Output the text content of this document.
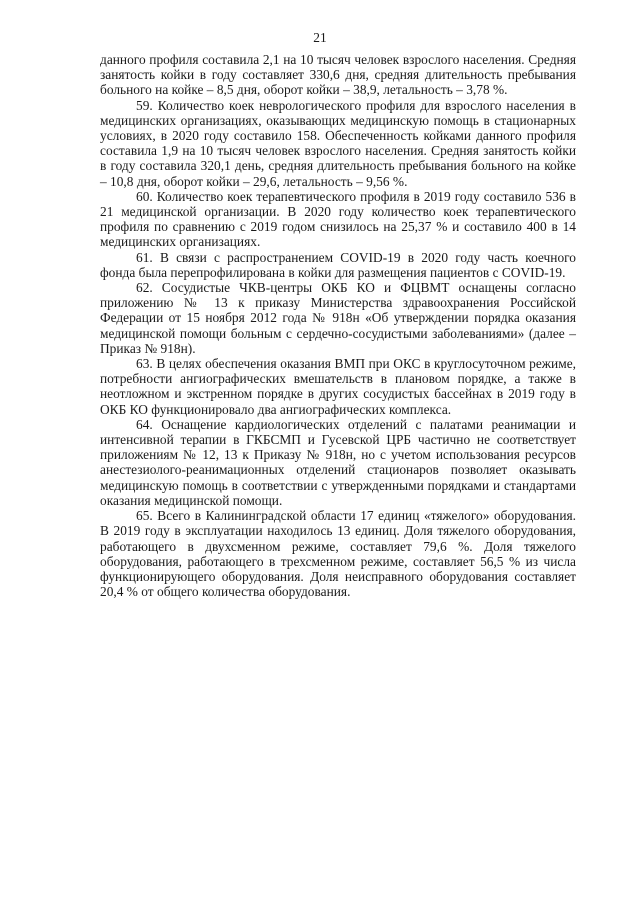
21

данного профиля составила 2,1 на 10 тысяч человек взрослого населения. Средняя занятость койки в году составляет 330,6 дня, средняя длительность пребывания больного на койке – 8,5 дня, оборот койки – 38,9, летальность – 3,78 %.

59. Количество коек неврологического профиля для взрослого населения в медицинских организациях, оказывающих медицинскую помощь в стационарных условиях, в 2020 году составило 158. Обеспеченность койками данного профиля составила 1,9 на 10 тысяч человек взрослого населения. Средняя занятость койки в году составила 320,1 день, средняя длительность пребывания больного на койке – 10,8 дня, оборот койки – 29,6, летальность – 9,56 %.

60. Количество коек терапевтического профиля в 2019 году составило 536 в 21 медицинской организации. В 2020 году количество коек терапевтического профиля по сравнению с 2019 годом снизилось на 25,37 % и составило 400 в 14 медицинских организациях.

61. В связи с распространением COVID-19 в 2020 году часть коечного фонда была перепрофилирована в койки для размещения пациентов с COVID-19.

62. Сосудистые ЧКВ-центры ОКБ КО и ФЦВМТ оснащены согласно приложению № 13 к приказу Министерства здравоохранения Российской Федерации от 15 ноября 2012 года № 918н «Об утверждении порядка оказания медицинской помощи больным с сердечно-сосудистыми заболеваниями» (далее – Приказ № 918н).

63. В целях обеспечения оказания ВМП при ОКС в круглосуточном режиме, потребности ангиографических вмешательств в плановом порядке, а также в неотложном и экстренном порядке в других сосудистых бассейнах в 2019 году в ОКБ КО функционировало два ангиографических комплекса.

64. Оснащение кардиологических отделений с палатами реанимации и интенсивной терапии в ГКБСМП и Гусевской ЦРБ частично не соответствует приложениям № 12, 13 к Приказу № 918н, но с учетом использования ресурсов анестезиолого-реанимационных отделений стационаров позволяет оказывать медицинскую помощь в соответствии с утвержденными порядками и стандартами оказания медицинской помощи.

65. Всего в Калининградской области 17 единиц «тяжелого» оборудования. В 2019 году в эксплуатации находилось 13 единиц. Доля тяжелого оборудования, работающего в двухсменном режиме, составляет 79,6 %. Доля тяжелого оборудования, работающего в трехсменном режиме, составляет 56,5 % из числа функционирующего оборудования. Доля неисправного оборудования составляет 20,4 % от общего количества оборудования.
